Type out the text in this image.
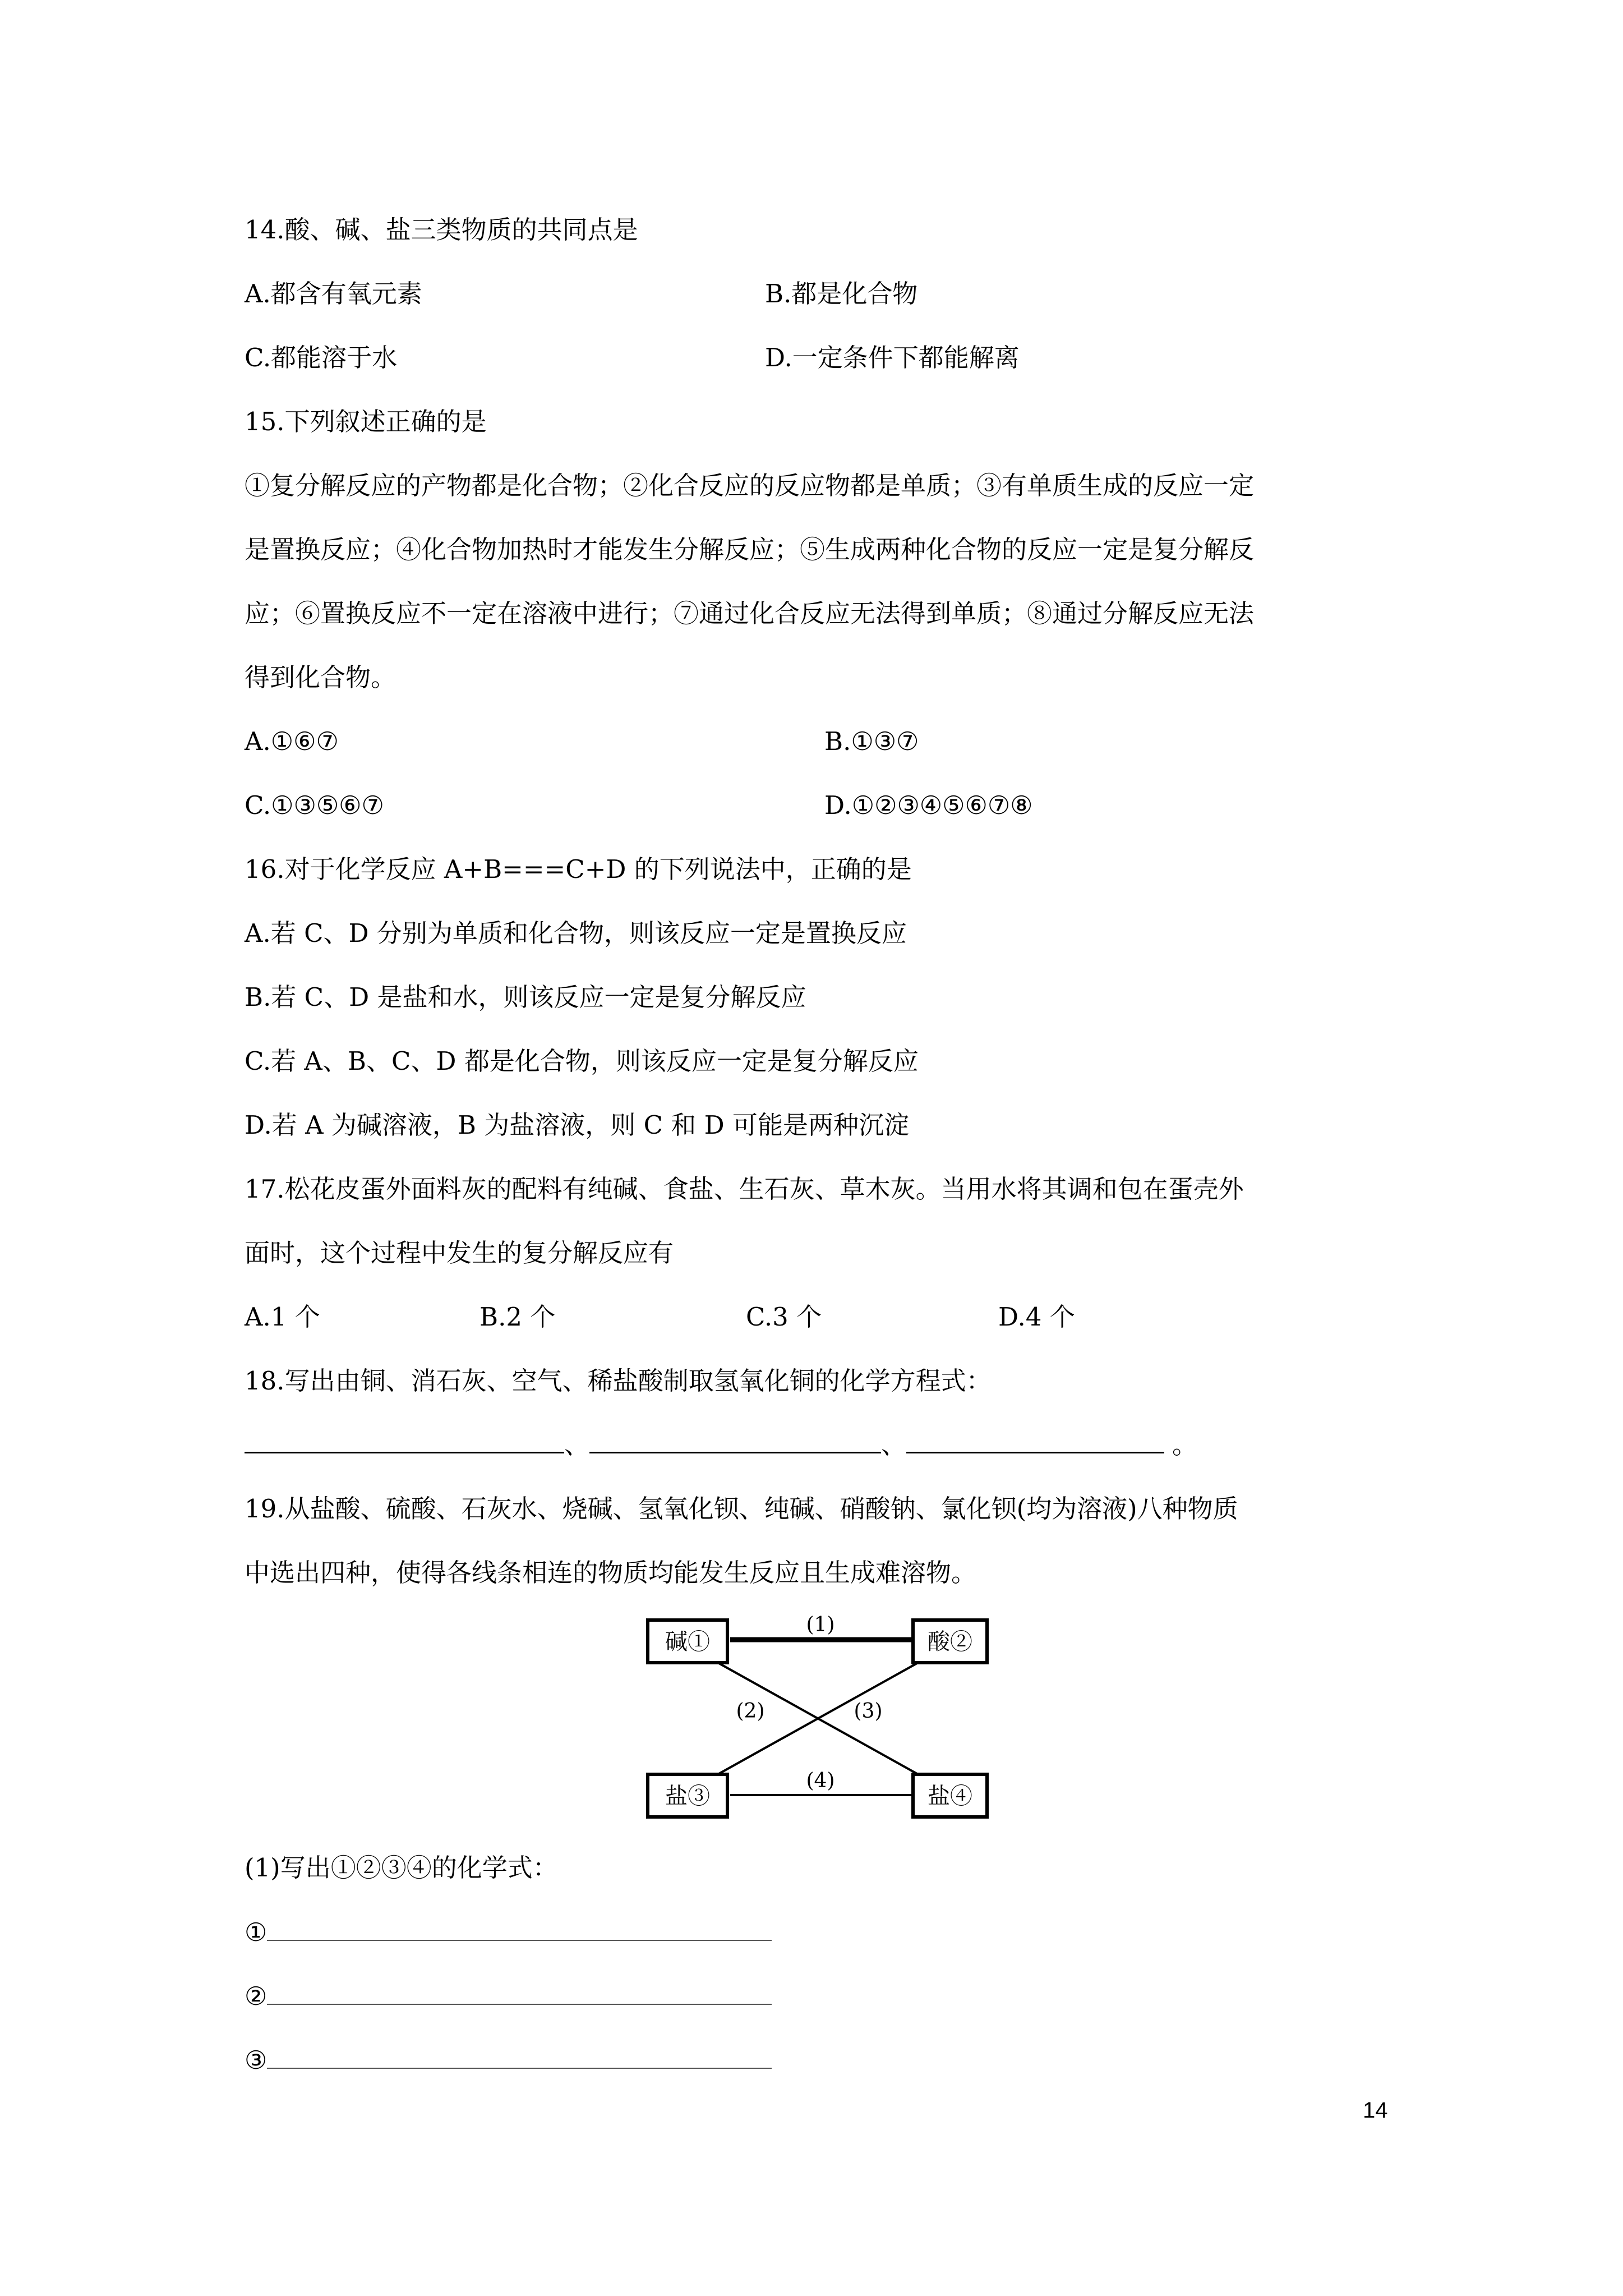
14.酸、碱、盐三类物质的共同点是
A.都含有氧元素	B.都是化合物
C.都能溶于水	D.一定条件下都能解离
15.下列叙述正确的是
①复分解反应的产物都是化合物；②化合反应的反应物都是单质；③有单质生成的反应一定
是置换反应；④化合物加热时才能发生分解反应；⑤生成两种化合物的反应一定是复分解反
应；⑥置换反应不一定在溶液中进行；⑦通过化合反应无法得到单质；⑧通过分解反应无法
得到化合物。
A.①⑥⑦	B.①③⑦
C.①③⑤⑥⑦	D.①②③④⑤⑥⑦⑧
16.对于化学反应 A+B===C+D 的下列说法中，正确的是
A.若 C、D 分别为单质和化合物，则该反应一定是置换反应
B.若 C、D 是盐和水，则该反应一定是复分解反应
C.若 A、B、C、D 都是化合物，则该反应一定是复分解反应
D.若 A 为碱溶液，B 为盐溶液，则 C 和 D 可能是两种沉淀
17.松花皮蛋外面料灰的配料有纯碱、食盐、生石灰、草木灰。当用水将其调和包在蛋壳外
面时，这个过程中发生的复分解反应有
A.1 个	B.2 个	C.3 个	D.4 个
18.写出由铜、消石灰、空气、稀盐酸制取氢氧化铜的化学方程式：
、	、	。
19.从盐酸、硫酸、石灰水、烧碱、氢氧化钡、纯碱、硝酸钠、氯化钡(均为溶液)八种物质
中选出四种，使得各线条相连的物质均能发生反应且生成难溶物。
碱①	酸②
盐③	盐④
(1)
(2)	(3)
(4)
(1)写出①②③④的化学式：
①
②
③
14
